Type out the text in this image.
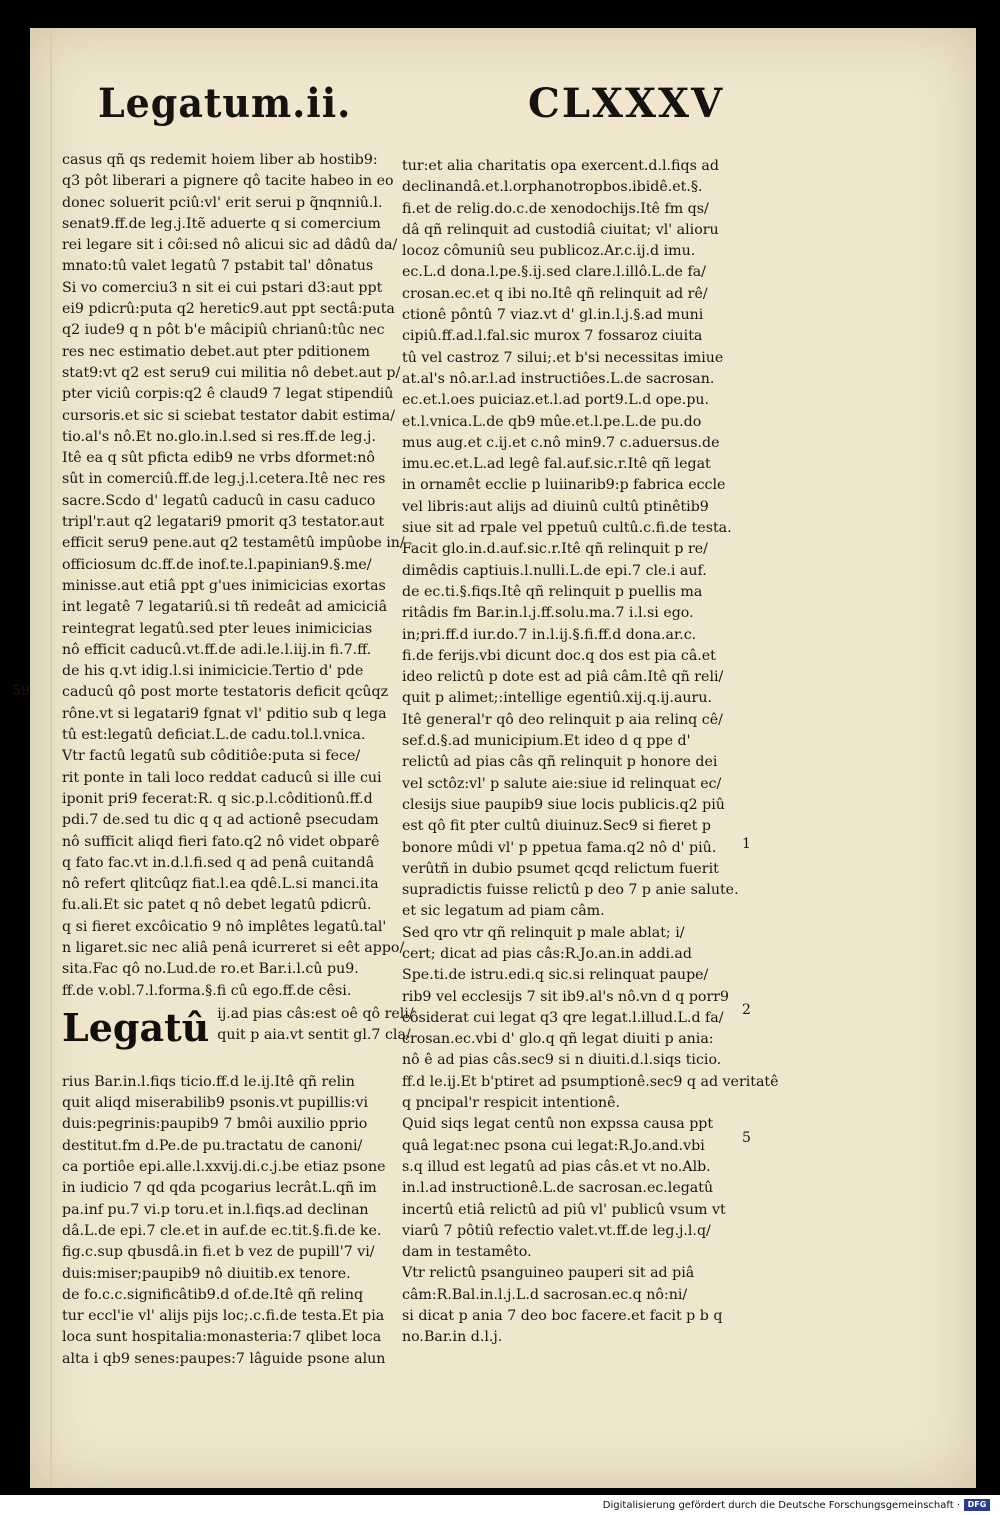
Legatum.ii.	CLXXXV
casus qñ qs redemit hoiem liber ab hostib9:
q3 pôt liberari a pignere qô tacite habeo in eo
donec soluerit pciû:vl' erit serui p q̃nqnniû.l.
senat9.ff.de leg.j.Itẽ aduerte q si comercium
rei legare sit i côi:sed nô alicui sic ad dâdû da/
mnato:tû valet legatû 7 pstabit tal' dônatus
Si vo comerciu3 n sit ei cui pstari d3:aut ppt
ei9 pdicrû:puta q2 heretic9.aut ppt sectâ:puta
q2 iude9 q n pôt b'e mâcipiû chrianû:tûc nec
res nec estimatio debet.aut pter pditionem
stat9:vt q2 est seru9 cui militia nô debet.aut p/
pter viciû corpis:q2 ê claud9 7 legat stipendiû
cursoris.et sic si sciebat testator dabit estima/
tio.al's nô.Et no.glo.in.l.sed si res.ff.de leg.j.
Itê ea q sût pficta edib9 ne vrbs dformet:nô
sût in comerciû.ff.de leg.j.l.cetera.Itê nec res
sacre.Scdo d' legatû caducû in casu caduco
tripl'r.aut q2 legatari9 pmorit q3 testator.aut
efficit seru9 pene.aut q2 testamêtû impûobe in/
officiosum dc.ff.de inof.te.l.papinian9.§.me/
minisse.aut etiâ ppt g'ues inimicicias exortas
int legatê 7 legatariû.si tñ redeât ad amiciciâ
reintegrat legatû.sed pter leues inimicicias
nô efficit caducû.vt.ff.de adi.le.l.iij.in fi.7.ff.
de his q.vt idig.l.si inimicicie.Tertio d' pde
caducû qô post morte testatoris deficit qcûqz
rône.vt si legatari9 fgnat vl' pditio sub q lega
tû est:legatû deficiat.L.de cadu.tol.l.vnica.
Vtr factû legatû sub côditiôe:puta si fece/
rit ponte in tali loco reddat caducû si ille cui
iponit pri9 fecerat:R. q sic.p.l.côditionû.ff.d
pdi.7 de.sed tu dic q q ad actionê psecudam
nô sufficit aliqd fieri fato.q2 nô videt obparê
q fato fac.vt in.d.l.fi.sed q ad penâ cuitandâ
nô refert qlitcûqz fiat.l.ea qdê.L.si manci.ita
fu.ali.Et sic patet q nô debet legatû pdicrû.
q si fieret excôicatio 9 nô implêtes legatû.tal'
n ligaret.sic nec aliâ penâ icurreret si eêt appo/
sita.Fac qô no.Lud.de ro.et Bar.i.l.cû pu9.
ff.de v.obl.7.l.forma.§.fi cû ego.ff.de cêsi.
Legatû ij.ad pias câs:est oê qô reli/
quit p aia.vt sentit gl.7 cla/
rius Bar.in.l.fiqs ticio.ff.d le.ij.Itê qñ relin
quit aliqd miserabilib9 psonis.vt pupillis:vi
duis:pegrinis:paupib9 7 bmôi auxilio pprio
destitut.fm d.Pe.de pu.tractatu de canoni/
ca portiôe epi.alle.l.xxvij.di.c.j.be etiaz psone
in iudicio 7 qd qda pcogarius lecrât.L.qñ im
pa.inf pu.7 vi.p toru.et in.l.fiqs.ad declinan
dâ.L.de epi.7 cle.et in auf.de ec.tit.§.fi.de ke.
fig.c.sup qbusdâ.in fi.et b vez de pupill'7 vi/
duis:miser;paupib9 nô diuitib.ex tenore.
de fo.c.c.significâtib9.d of.de.Itê qñ relinq
tur eccl'ie vl' alijs pijs loc;.c.fi.de testa.Et pia
loca sunt hospitalia:monasteria:7 qlibet loca
alta i qb9 senes:paupes:7 lâguide psone alun
tur:et alia charitatis opa exercent.d.l.fiqs ad
declinandâ.et.l.orphanotropbos.ibidê.et.§.
fi.et de relig.do.c.de xenodochijs.Itê fm qs/
dâ qñ relinquit ad custodiâ ciuitat; vl' alioru
locoz cômuniû seu publicoz.Ar.c.ij.d imu.
ec.L.d dona.l.pe.§.ij.sed clare.l.illô.L.de fa/
crosan.ec.et q ibi no.Itê qñ relinquit ad rê/
ctionê pôntû 7 viaz.vt d' gl.in.l.j.§.ad muni
cipiû.ff.ad.l.fal.sic murox 7 fossaroz ciuita
tû vel castroz 7 silui;.et b'si necessitas imiue
at.al's nô.ar.l.ad instructiôes.L.de sacrosan.
ec.et.l.oes puiciaz.et.l.ad port9.L.d ope.pu.
et.l.vnica.L.de qb9 mûe.et.l.pe.L.de pu.do
mus aug.et c.ij.et c.nô min9.7 c.aduersus.de
imu.ec.et.L.ad legê fal.auf.sic.r.Itê qñ legat
in ornamêt ecclie p luiinarib9:p fabrica eccle
vel libris:aut alijs ad diuinû cultû ptinêtib9
siue sit ad rpale vel ppetuû cultû.c.fi.de testa.
Facit glo.in.d.auf.sic.r.Itê qñ relinquit p re/
dimêdis captiuis.l.nulli.L.de epi.7 cle.i auf.
de ec.ti.§.fiqs.Itê qñ relinquit p puellis ma
ritâdis fm Bar.in.l.j.ff.solu.ma.7 i.l.si ego.
in;pri.ff.d iur.do.7 in.l.ij.§.fi.ff.d dona.ar.c.
fi.de ferijs.vbi dicunt doc.q dos est pia câ.et
ideo relictû p dote est ad piâ câm.Itê qñ reli/
quit p alimet;:intellige egentiû.xij.q.ij.auru.
Itê general'r qô deo relinquit p aia relinq cê/
sef.d.§.ad municipium.Et ideo d q ppe d'
relictû ad pias câs qñ relinquit p honore dei
vel sctôz:vl' p salute aie:siue id relinquat ec/
clesijs siue paupib9 siue locis publicis.q2 piû
est qô fit pter cultû diuinuz.Sec9 si fieret p
bonore mûdi vl' p ppetua fama.q2 nô d' piû.
verûtñ in dubio psumet qcqd relictum fuerit
supradictis fuisse relictû p deo 7 p anie salute.
et sic legatum ad piam câm.
Sed qro vtr qñ relinquit p male ablat; i/
cert; dicat ad pias câs:R.Jo.an.in addi.ad
Spe.ti.de istru.edi.q sic.si relinquat paupe/
rib9 vel ecclesijs 7 sit ib9.al's nô.vn d q porr9
côsiderat cui legat q3 qre legat.l.illud.L.d fa/
crosan.ec.vbi d' glo.q qñ legat diuiti p ania:
nô ê ad pias câs.sec9 si n diuiti.d.l.siqs ticio.
ff.d le.ij.Et b'ptiret ad psumptionê.sec9 q ad veritatê
q pncipal'r respicit intentionê.
Quid siqs legat centû non expssa causa ppt
quâ legat:nec psona cui legat:R.Jo.and.vbi
s.q illud est legatû ad pias câs.et vt no.Alb.
in.l.ad instructionê.L.de sacrosan.ec.legatû
incertû etiâ relictû ad piû vl' publicû vsum vt
viarû 7 pôtiû refectio valet.vt.ff.de leg.j.l.q/
dam in testamêto.
Vtr relictû psanguineo pauperi sit ad piâ
câm:R.Bal.in.l.j.L.d sacrosan.ec.q nô:ni/
si dicat p ania 7 deo boc facere.et facit p b q
no.Bar.in d.l.j.
59
1
2
5
Digitalisierung gefördert durch die Deutsche Forschungsgemeinschaft · DFG
